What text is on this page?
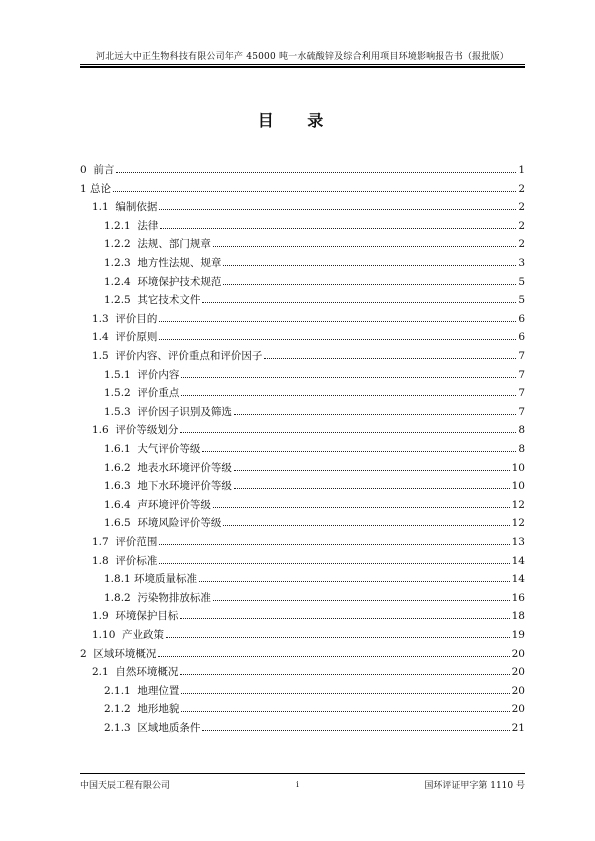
河北远大中正生物科技有限公司年产 45000 吨一水硫酸锌及综合利用项目环境影响报告书（报批版）
目 录
0  前言	1
1 总论	2
1.1  编制依据	2
1.2.1  法律	2
1.2.2  法规、部门规章	2
1.2.3  地方性法规、规章	3
1.2.4  环境保护技术规范	5
1.2.5  其它技术文件	5
1.3  评价目的	6
1.4  评价原则	6
1.5  评价内容、评价重点和评价因子	7
1.5.1  评价内容	7
1.5.2  评价重点	7
1.5.3  评价因子识别及筛选	7
1.6  评价等级划分	8
1.6.1  大气评价等级	8
1.6.2  地表水环境评价等级	10
1.6.3  地下水环境评价等级	10
1.6.4  声环境评价等级	12
1.6.5  环境风险评价等级	12
1.7  评价范围	13
1.8  评价标准	14
1.8.1 环境质量标准	14
1.8.2  污染物排放标准	16
1.9  环境保护目标	18
1.10  产业政策	19
2  区域环境概况	20
2.1  自然环境概况	20
2.1.1  地理位置	20
2.1.2  地形地貌	20
2.1.3  区域地质条件	21
中国天辰工程有限公司	i	国环评证甲字第 1110 号
